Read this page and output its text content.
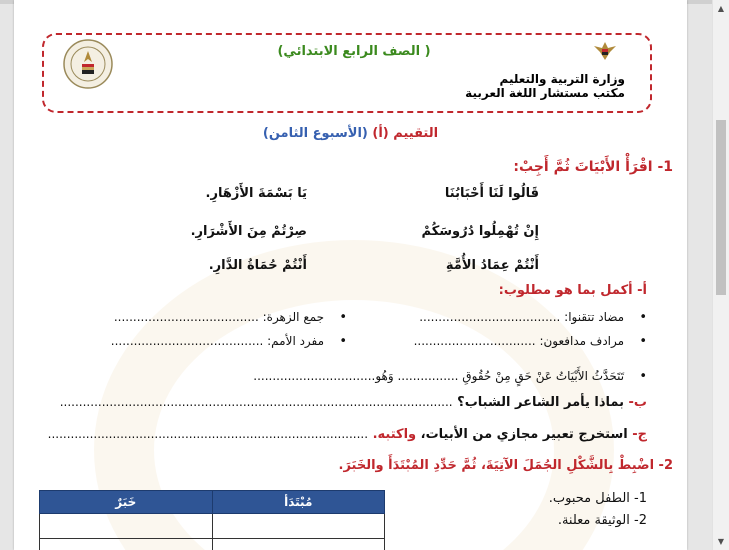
( الصف الرابع الابتدائي)
وزارة التربية والتعليم
مكتب مستشار اللغة العربية
التقييم (أ) (الأسبوع الثامن)
1- اقْرَأْ الأَبْيَاتَ ثُمَّ أَجِبْ:
قَالُوا لَنَا أَحْبَابُنَا
يَا بَسْمَةَ الأَزْهَارِ.
إِنْ تُهْمِلُوا دُرُوسَكُمْ
صِرْتُمْ مِنَ الأَشْرَارِ.
أَنْتُمْ عِمَادُ الأُمَّةِ
أَنْتُمْ حُمَاةُ الدَّارِ.
أ- أكمل بما هو مطلوب:
•   مضاد تتقنوا: .....................................
•   جمع الزهرة: ......................................
•   مرادف مدافعون: ................................
•   مفرد الأمم: ........................................
•   تَتَحَدَّثُ الأَبْيَاتُ عَنْ حَقٍ مِنْ حُقُوقِ ................ وَهُو................................
ب- بماذا يأمر الشاعر الشباب؟ .......................................................................................................
ج- استخرج تعبير مجازي من الأبيات، واكتبه. ....................................................................................
2- اضْبِطْ بِالشَّكْلِ الجُمَلَ الآتِيَةَ، ثُمَّ حَدِّدِ المُبْتَدَأَ والخَبَرَ.
1- الطفل محبوب.
2- الوثيقة معلنة.
خَبَرٌ	مُبْتَدَأ

▲
▼
